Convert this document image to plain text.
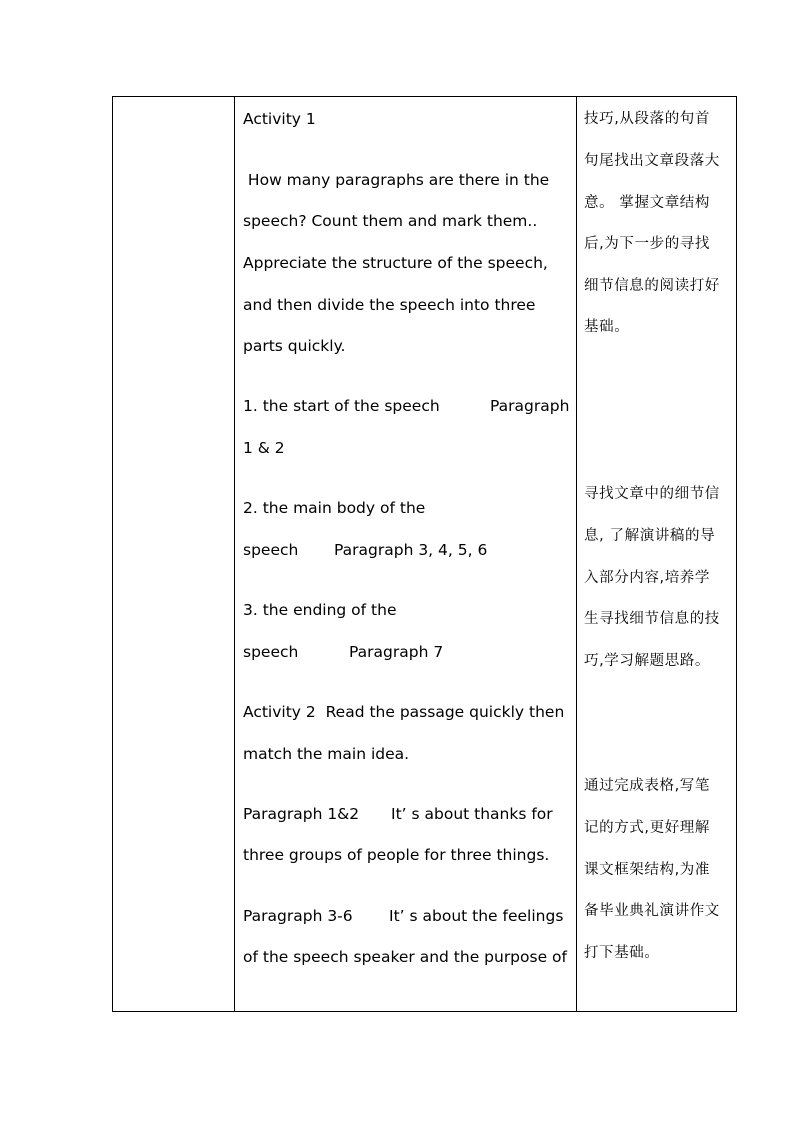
Activity 1
How many paragraphs are there in the
speech? Count them and mark them..
Appreciate the structure of the speech,
and then divide the speech into three
parts quickly.
1. the start of the speech	Paragraph
1 & 2
2. the main body of the
speech Paragraph 3, 4, 5, 6
3. the ending of the
speech	Paragraph 7
Activity 2  Read the passage quickly then
match the main idea.
Paragraph 1&2 It’ s about thanks for
three groups of people for three things.
Paragraph 3-6 It’ s about the feelings
of the speech speaker and the purpose of
技巧,从段落的句首
句尾找出文章段落大
意。 掌握文章结构
后,为下一步的寻找
细节信息的阅读打好
基础。
寻找文章中的细节信
息, 了解演讲稿的导
入部分内容,培养学
生寻找细节信息的技
巧,学习解题思路。
通过完成表格,写笔
记的方式,更好理解
课文框架结构,为准
备毕业典礼演讲作文
打下基础。
